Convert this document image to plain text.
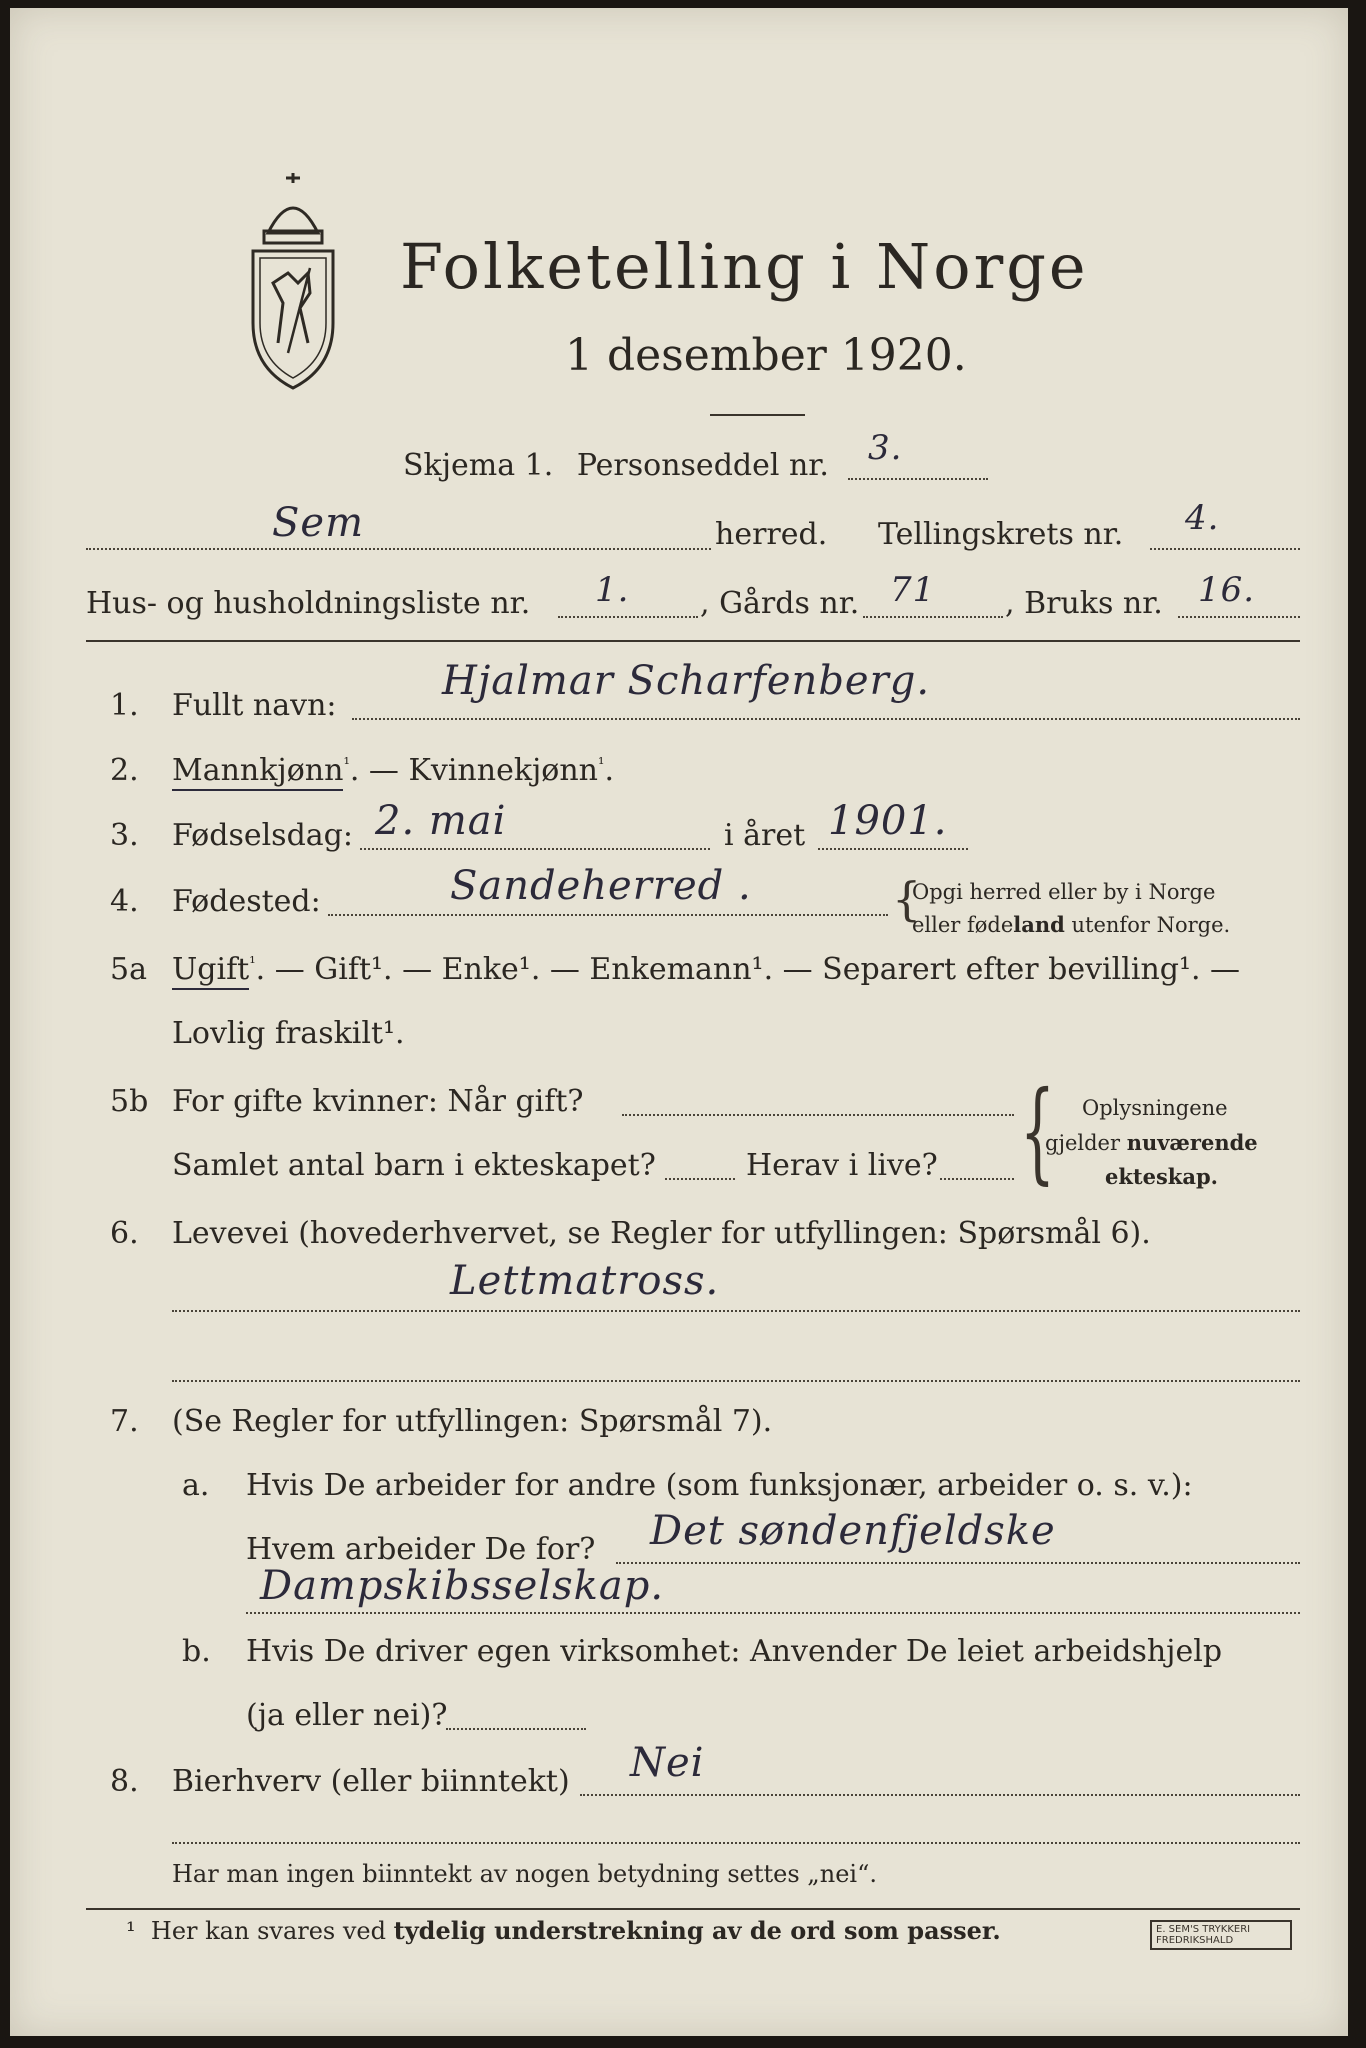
Folketelling i Norge
1 desember 1920.
Skjema 1. Personseddel nr. 3.
Sem	herred. Tellingskrets nr. 4.
Hus- og husholdningsliste nr. 1. , Gårds nr. 71 , Bruks nr. 16.
1. Fullt navn:
Hjalmar Scharfenberg.
2. Mannkjønn$^{^1}$. — Kvinnekjønn$^{^1}$.
3. Fødselsdag: 2. mai	i året 1901.
4. Fødested:	Sandeherred .	{
Opgi herred eller by i Norge
eller fødeland utenfor Norge.
5a Ugift$^{^1}$. — Gift¹. — Enke¹. — Enkemann¹. — Separert efter bevilling¹. —
Lovlig fraskilt¹.
5b For gifte kvinner: Når gift?
Samlet antal barn i ekteskapet?	Herav i live? { Oplysningene
gjelder nuværende
ekteskap.
6. Levevei (hovederhvervet, se Regler for utfyllingen: Spørsmål 6).
Lettmatross.
7. (Se Regler for utfyllingen: Spørsmål 7).
a. Hvis De arbeider for andre (som funksjonær, arbeider o. s. v.):
Hvem arbeider De for? Det søndenfjeldske
Dampskibsselskap.
b. Hvis De driver egen virksomhet: Anvender De leiet arbeidshjelp
(ja eller nei)?
8. Bierhverv (eller biinntekt) Nei
Har man ingen biinntekt av nogen betydning settes „nei“.
¹ Her kan svares ved tydelig understrekning av de ord som passer.	E. SEM'S TRYKKERI FREDRIKSHALD
